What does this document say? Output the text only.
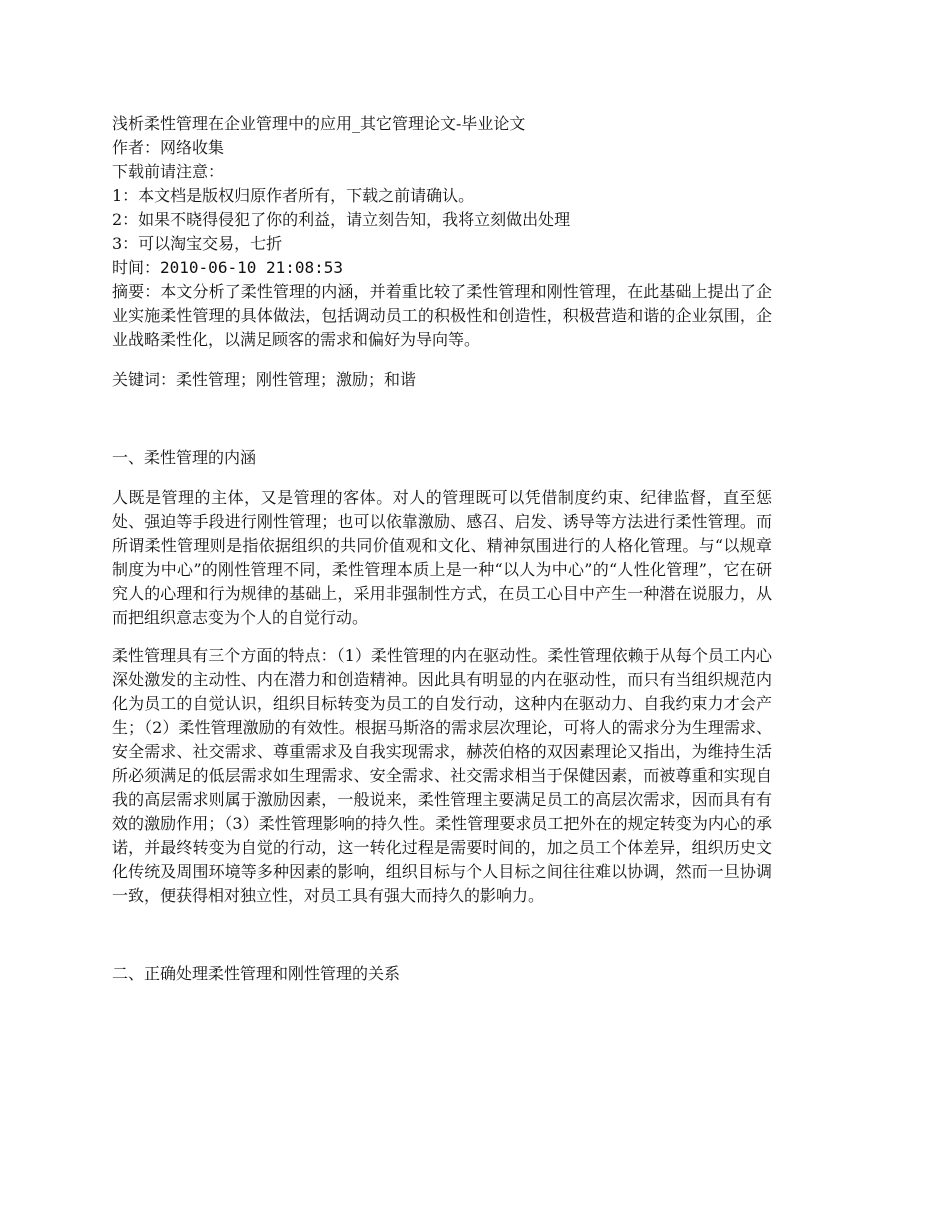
浅析柔性管理在企业管理中的应用_其它管理论文-毕业论文
作者：网络收集
下载前请注意：
1：本文档是版权归原作者所有，下载之前请确认。
2：如果不晓得侵犯了你的利益，请立刻告知，我将立刻做出处理
3：可以淘宝交易，七折
时间：2010-06-10 21:08:53
摘要：本文分析了柔性管理的内涵，并着重比较了柔性管理和刚性管理，在此基础上提出了企业实施柔性管理的具体做法，包括调动员工的积极性和创造性，积极营造和谐的企业氛围，企业战略柔性化，以满足顾客的需求和偏好为导向等。
关键词：柔性管理；刚性管理；激励；和谐
一、柔性管理的内涵
人既是管理的主体，又是管理的客体。对人的管理既可以凭借制度约束、纪律监督，直至惩处、强迫等手段进行刚性管理；也可以依靠激励、感召、启发、诱导等方法进行柔性管理。而所谓柔性管理则是指依据组织的共同价值观和文化、精神氛围进行的人格化管理。与“以规章制度为中心”的刚性管理不同，柔性管理本质上是一种“以人为中心”的“人性化管理”，它在研究人的心理和行为规律的基础上，采用非强制性方式，在员工心目中产生一种潜在说服力，从而把组织意志变为个人的自觉行动。
柔性管理具有三个方面的特点：（1）柔性管理的内在驱动性。柔性管理依赖于从每个员工内心深处激发的主动性、内在潜力和创造精神。因此具有明显的内在驱动性，而只有当组织规范内化为员工的自觉认识，组织目标转变为员工的自发行动，这种内在驱动力、自我约束力才会产生；（2）柔性管理激励的有效性。根据马斯洛的需求层次理论，可将人的需求分为生理需求、安全需求、社交需求、尊重需求及自我实现需求，赫茨伯格的双因素理论又指出，为维持生活所必须满足的低层需求如生理需求、安全需求、社交需求相当于保健因素，而被尊重和实现自我的高层需求则属于激励因素，一般说来，柔性管理主要满足员工的高层次需求，因而具有有效的激励作用；（3）柔性管理影响的持久性。柔性管理要求员工把外在的规定转变为内心的承诺，并最终转变为自觉的行动，这一转化过程是需要时间的，加之员工个体差异，组织历史文化传统及周围环境等多种因素的影响，组织目标与个人目标之间往往难以协调，然而一旦协调一致，便获得相对独立性，对员工具有强大而持久的影响力。
二、正确处理柔性管理和刚性管理的关系
